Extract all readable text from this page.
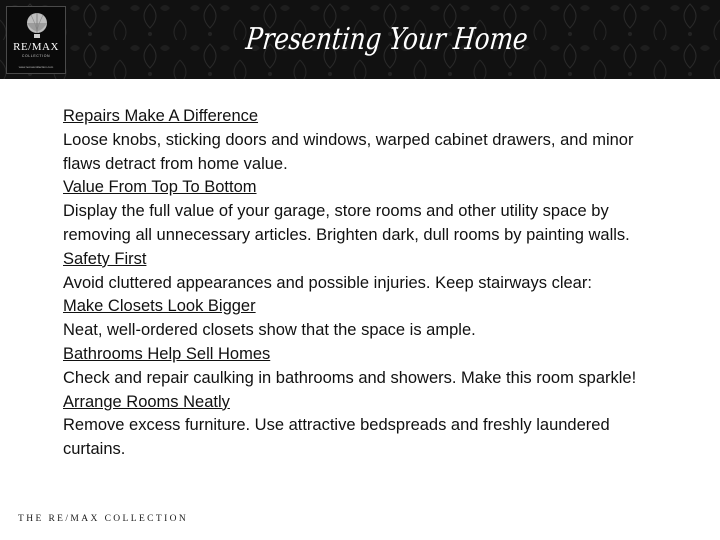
RE/MAX
COLLECTION
www.remaxcollection.com
Presenting Your Home
Repairs Make A Difference
Loose knobs, sticking doors and windows, warped cabinet drawers, and minor flaws detract from home value.
Value From Top To Bottom
Display the full value of your garage, store rooms and other utility space by removing all unnecessary articles. Brighten dark, dull rooms by painting walls.
Safety First
Avoid cluttered appearances and possible injuries. Keep stairways clear:
Make Closets Look Bigger
Neat, well-ordered closets show that the space is ample.
Bathrooms Help Sell Homes
Check and repair caulking in bathrooms and showers. Make this room sparkle!
Arrange Rooms Neatly
Remove excess furniture. Use attractive bedspreads and freshly laundered curtains.
THE RE/MAX COLLECTION
